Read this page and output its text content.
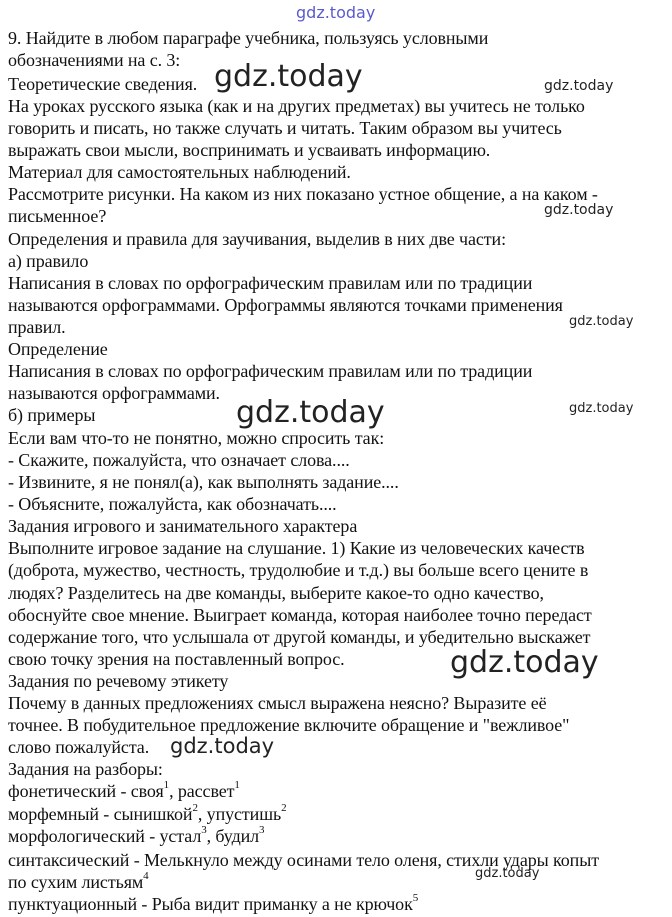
9. Найдите в любом параграфе учебника, пользуясь условными
обозначениями на с. 3:
Теоретические сведения.
На уроках русского языка (как и на других предметах) вы учитесь не только
говорить и писать, но также случать и читать. Таким образом вы учитесь
выражать свои мысли, воспринимать и усваивать информацию.
Материал для самостоятельных наблюдений.
Рассмотрите рисунки. На каком из них показано устное общение, а на каком -
письменное?
Определения и правила для заучивания, выделив в них две части:
а) правило
Написания в словах по орфографическим правилам или по традиции
называются орфограммами. Орфограммы являются точками применения
правил.
Определение
Написания в словах по орфографическим правилам или по традиции
называются орфограммами.
б) примеры
Если вам что-то не понятно, можно спросить так:
- Скажите, пожалуйста, что означает слова....
- Извините, я не понял(а), как выполнять задание....
- Объясните, пожалуйста, как обозначать....
Задания игрового и занимательного характера
Выполните игровое задание на слушание. 1) Какие из человеческих качеств
(доброта, мужество, честность, трудолюбие и т.д.) вы больше всего цените в
людях? Разделитесь на две команды, выберите какое-то одно качество,
обоснуйте свое мнение. Выиграет команда, которая наиболее точно передаст
содержание того, что услышала от другой команды, и убедительно выскажет
свою точку зрения на поставленный вопрос.
Задания по речевому этикету
Почему в данных предложениях смысл выражена неясно? Выразите её
точнее. В побудительное предложение включите обращение и "вежливое"
слово пожалуйста.
Задания на разборы:
фонетический - своя$^1$, рассвет$^1$
морфемный - сынишкой$^2$, упустишь$^2$
морфологический - устал$^3$, будил$^3$
синтаксический - Мелькнуло между осинами тело оленя, стихли удары копыт
по сухим листьям$^4$
пунктуационный - Рыба видит приманку а не крючок$^5$
gdz.today
gdz.today
gdz.today
gdz.today
gdz.today
gdz.today
gdz.today
gdz.today
gdz.today
gdz.today
